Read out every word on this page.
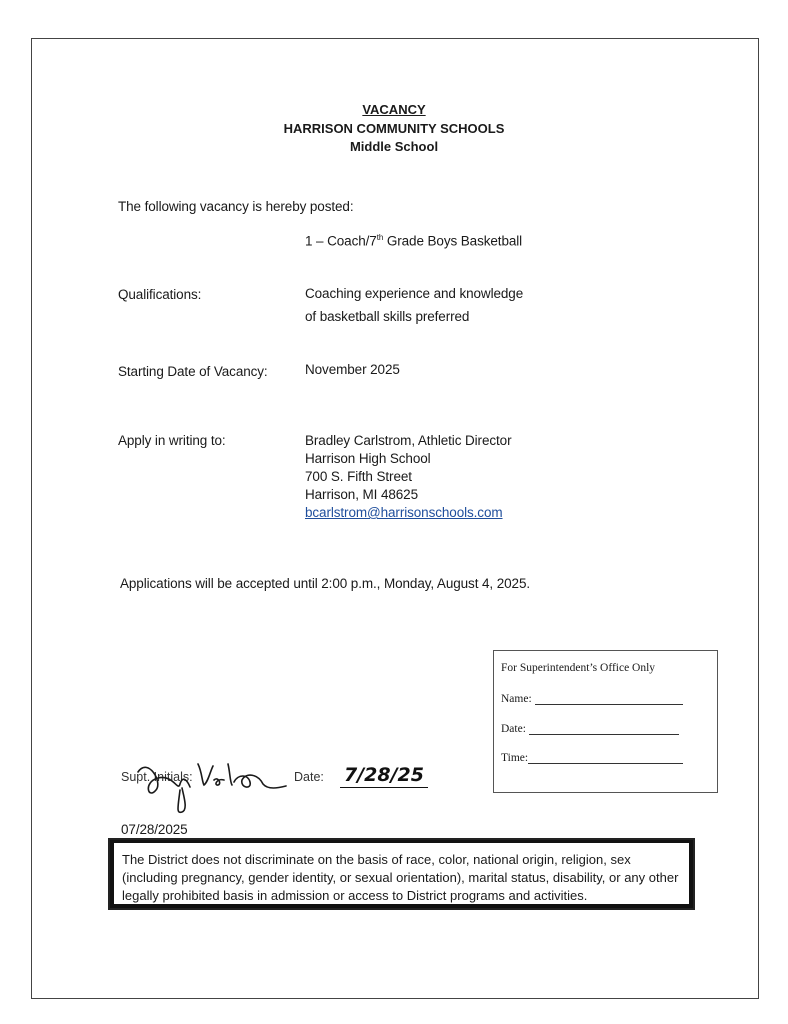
VACANCY
HARRISON COMMUNITY SCHOOLS
Middle School
The following vacancy is hereby posted:
1 – Coach/7th Grade Boys Basketball
Qualifications:	Coaching experience and knowledge
of basketball skills preferred
Starting Date of Vacancy:	November 2025
Apply in writing to:	Bradley Carlstrom, Athletic Director
Harrison High School
700 S. Fifth Street
Harrison, MI 48625
bcarlstrom@harrisonschools.com
Applications will be accepted until 2:00 p.m., Monday, August 4, 2025.
For Superintendent’s Office Only
Name:
Date:
Time:
Supt. Initials:	Date: 7/28/25
07/28/2025
The District does not discriminate on the basis of race, color, national origin, religion, sex (including pregnancy, gender identity, or sexual orientation), marital status, disability, or any other legally prohibited basis in admission or access to District programs and activities.
